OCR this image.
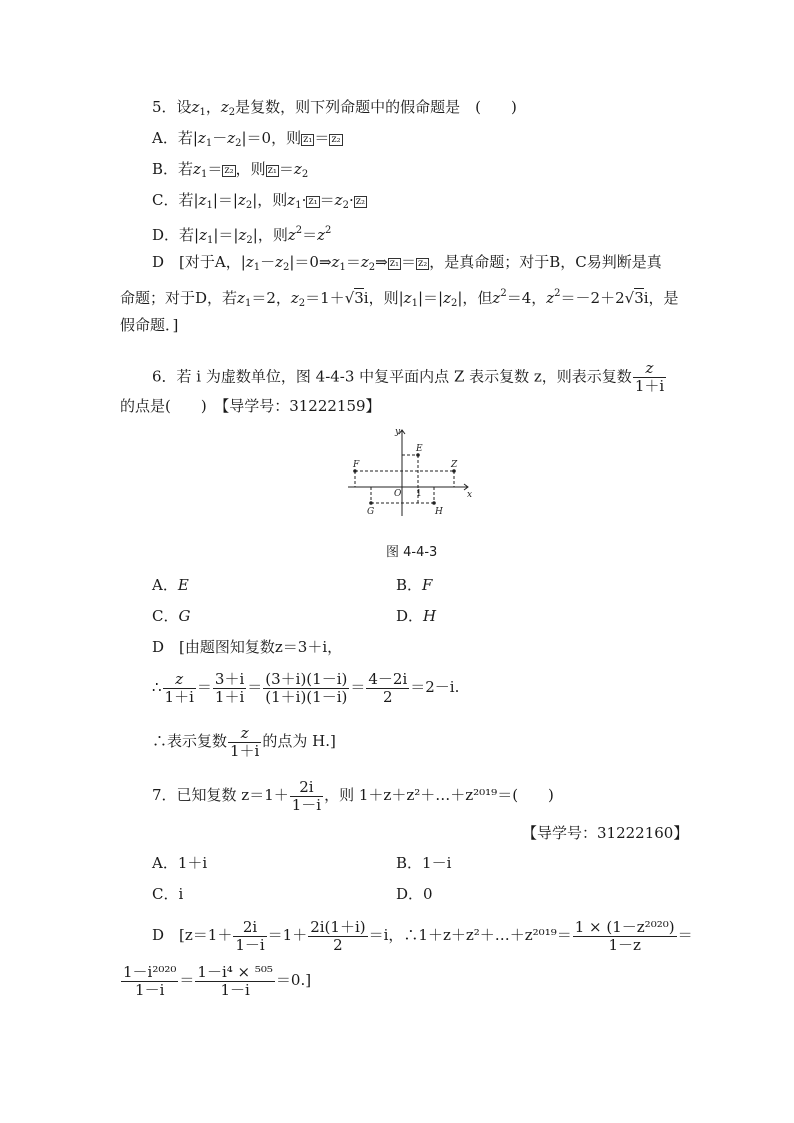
5．设$z_1$，$z_2$是复数，则下列命题中的假命题是　(　　)
A．若$|z_1-z_2|=0$，则 z₁ ＝ z₂
B．若$z_1= z_2$ ，则 $z_1 =z_2$
C．若$|z_1|=|z_2|$，则$z_1\cdot z_1 =z_2\cdot z_2$
D．若$|z_1|=|z_2|$，则$z^2=z^2$
D　[对于A，$|z_1-z_2|=0\Rightarrow z_1=z_2\Rightarrow$ z₁ ＝ z₂ ，是真命题；对于B，C易判断是真
命题；对于D，若$z_1=2$，$z_2=1+√3i$，则$|z_1|=|z_2|$，但$z^2=4$，$z^2=-2+2√3i$，是
假命题．]
6．若 i 为虚数单位，图 4-4-3 中复平面内点 Z 表示复数 z，则表示复数 $\frac{z}{1+i}$
的点是(　　)　【导学号：31222159】
y
x
O 1
E
F	Z
G	H
图 4-4-3
A．E	B．F
C．G	D．H
D　[由题图知复数z＝3＋i，
∴ $\frac{z}{1+i} = \frac{3+i}{1+i} = \frac{(3+i)(1-i)}{(1+i)(1-i)} = \frac{4-2i}{2} =2-i$.
∴表示复数 $\frac{z}{1+i}$ 的点为 H.]
7．已知复数 $z=1+ \frac{2i}{1-i}$ ，则 1＋z＋z²＋…＋z²⁰¹⁹＝(　　)
【导学号：31222160】
A．1＋i	B．1－i
C．i	D．0
D　[$z=1+ \frac{2i}{1-i} =1+ \frac{2i(1+i)}{2} =i$，∴1＋z＋z²＋…＋z²⁰¹⁹＝ $\frac{\text{1 × (1－z²⁰²⁰)}}{1-z}$ ＝
$\frac{\text{1－i²⁰²⁰}}{1-i} = \frac{\text{1－i⁴ × ⁵⁰⁵}}{1-i} =0$.]
